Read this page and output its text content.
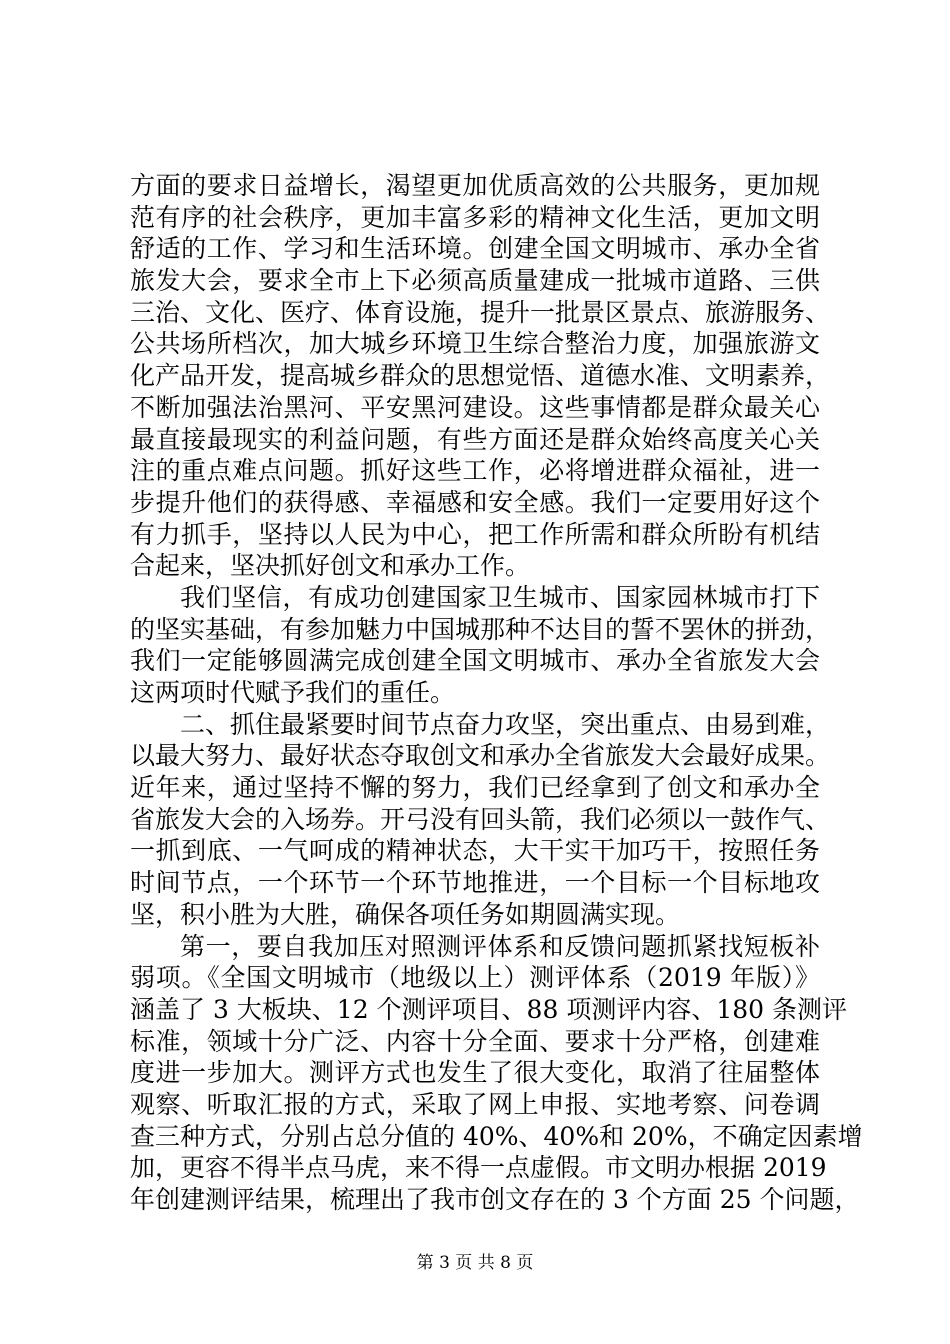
方面的要求日益增长，渴望更加优质高效的公共服务，更加规
范有序的社会秩序，更加丰富多彩的精神文化生活，更加文明
舒适的工作、学习和生活环境。创建全国文明城市、承办全省
旅发大会，要求全市上下必须高质量建成一批城市道路、三供
三治、文化、医疗、体育设施，提升一批景区景点、旅游服务、
公共场所档次，加大城乡环境卫生综合整治力度，加强旅游文
化产品开发，提高城乡群众的思想觉悟、道德水准、文明素养，
不断加强法治黑河、平安黑河建设。这些事情都是群众最关心
最直接最现实的利益问题，有些方面还是群众始终高度关心关
注的重点难点问题。抓好这些工作，必将增进群众福祉，进一
步提升他们的获得感、幸福感和安全感。我们一定要用好这个
有力抓手，坚持以人民为中心，把工作所需和群众所盼有机结
合起来，坚决抓好创文和承办工作。
我们坚信，有成功创建国家卫生城市、国家园林城市打下
的坚实基础，有参加魅力中国城那种不达目的誓不罢休的拼劲，
我们一定能够圆满完成创建全国文明城市、承办全省旅发大会
这两项时代赋予我们的重任。
二、抓住最紧要时间节点奋力攻坚，突出重点、由易到难，
以最大努力、最好状态夺取创文和承办全省旅发大会最好成果。
近年来，通过坚持不懈的努力，我们已经拿到了创文和承办全
省旅发大会的入场券。开弓没有回头箭，我们必须以一鼓作气、
一抓到底、一气呵成的精神状态，大干实干加巧干，按照任务
时间节点，一个环节一个环节地推进，一个目标一个目标地攻
坚，积小胜为大胜，确保各项任务如期圆满实现。
第一，要自我加压对照测评体系和反馈问题抓紧找短板补
弱项。《全国文明城市（地级以上）测评体系（2019 年版）》
涵盖了 3 大板块、12 个测评项目、88 项测评内容、180 条测评
标准，领域十分广泛、内容十分全面、要求十分严格，创建难
度进一步加大。测评方式也发生了很大变化，取消了往届整体
观察、听取汇报的方式，采取了网上申报、实地考察、问卷调
查三种方式，分别占总分值的 40%、40%和 20%，不确定因素增
加，更容不得半点马虎，来不得一点虚假。市文明办根据 2019
年创建测评结果，梳理出了我市创文存在的 3 个方面 25 个问题，
第 3 页 共 8 页
